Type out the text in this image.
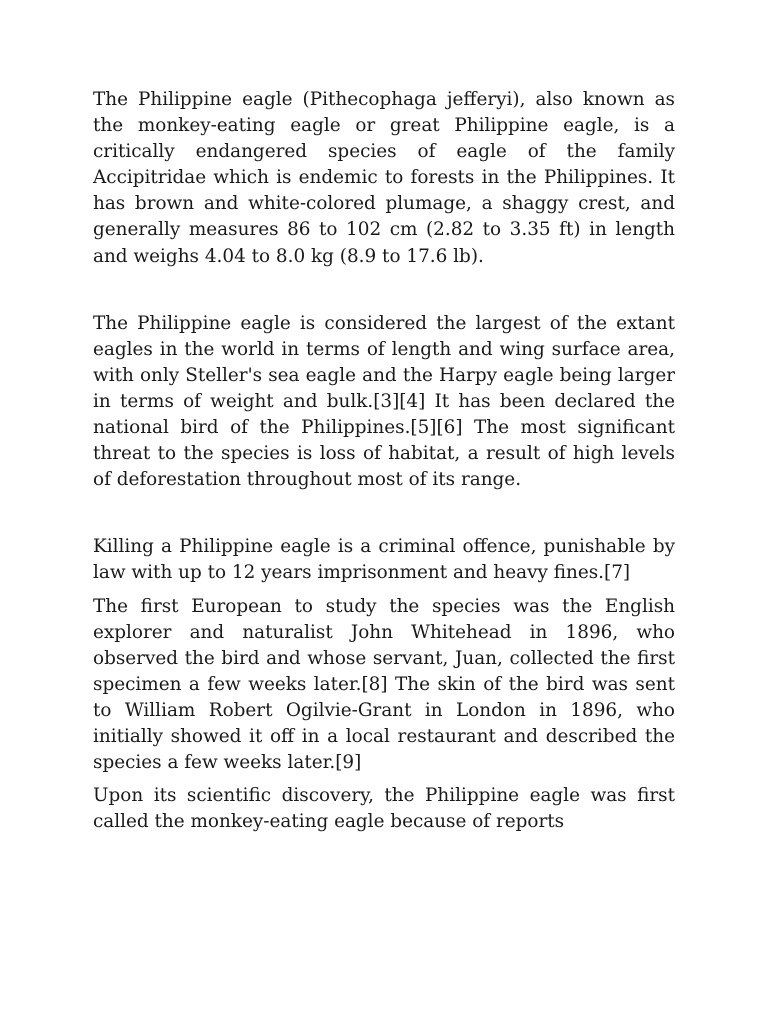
The Philippine eagle (Pithecophaga jefferyi), also known as the monkey-eating eagle or great Philippine eagle, is a critically endangered species of eagle of the family Accipitridae which is endemic to forests in the Philippines. It has brown and white-colored plumage, a shaggy crest, and generally measures 86 to 102 cm (2.82 to 3.35 ft) in length and weighs 4.04 to 8.0 kg (8.9 to 17.6 lb).

The Philippine eagle is considered the largest of the extant eagles in the world in terms of length and wing surface area, with only Steller's sea eagle and the Harpy eagle being larger in terms of weight and bulk.[3][4] It has been declared the national bird of the Philippines.[5][6] The most significant threat to the species is loss of habitat, a result of high levels of deforestation throughout most of its range.

Killing a Philippine eagle is a criminal offence, punishable by law with up to 12 years imprisonment and heavy fines.[7]

The first European to study the species was the English explorer and naturalist John Whitehead in 1896, who observed the bird and whose servant, Juan, collected the first specimen a few weeks later.[8] The skin of the bird was sent to William Robert Ogilvie-Grant in London in 1896, who initially showed it off in a local restaurant and described the species a few weeks later.[9]

Upon its scientific discovery, the Philippine eagle was first called the monkey-eating eagle because of reports
